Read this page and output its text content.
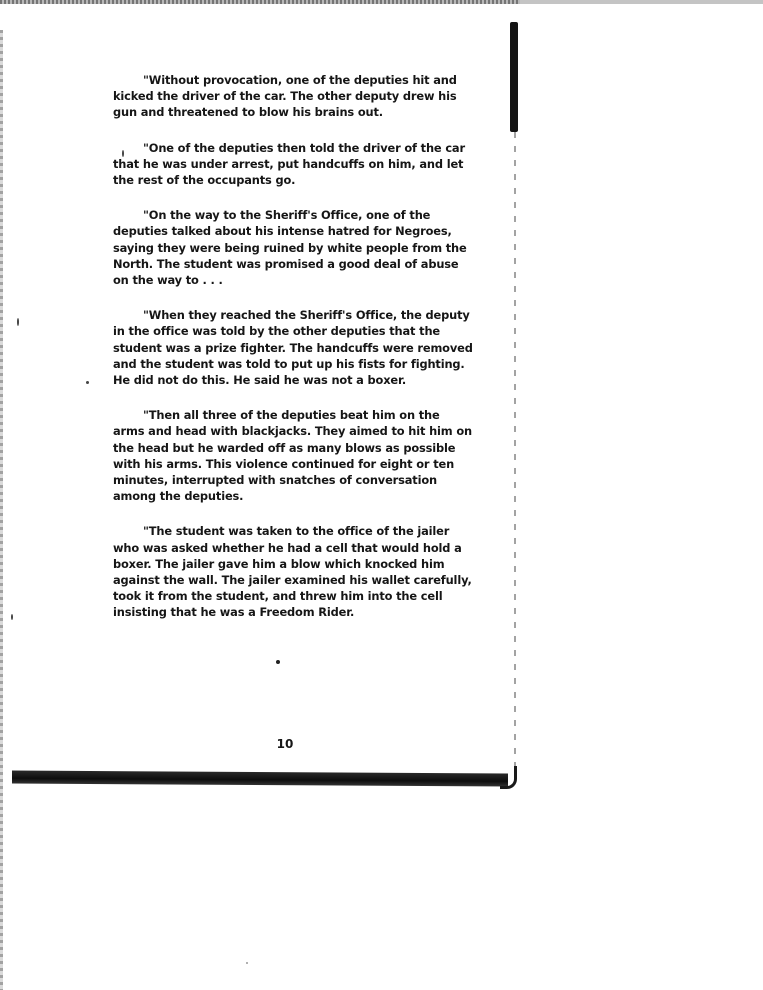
"Without provocation, one of the deputies hit and kicked the driver of the car. The other deputy drew his gun and threatened to blow his brains out.

"One of the deputies then told the driver of the car that he was under arrest, put handcuffs on him, and let the rest of the occupants go.

"On the way to the Sheriff's Office, one of the deputies talked about his intense hatred for Negroes, saying they were being ruined by white people from the North. The student was promised a good deal of abuse on the way to . . .

"When they reached the Sheriff's Office, the deputy in the office was told by the other deputies that the student was a prize fighter. The handcuffs were removed and the student was told to put up his fists for fighting. He did not do this. He said he was not a boxer.

"Then all three of the deputies beat him on the arms and head with blackjacks. They aimed to hit him on the head but he warded off as many blows as possible with his arms. This violence continued for eight or ten minutes, interrupted with snatches of conversation among the deputies.

"The student was taken to the office of the jailer who was asked whether he had a cell that would hold a boxer. The jailer gave him a blow which knocked him against the wall. The jailer examined his wallet carefully, took it from the student, and threw him into the cell insisting that he was a Freedom Rider.

10
